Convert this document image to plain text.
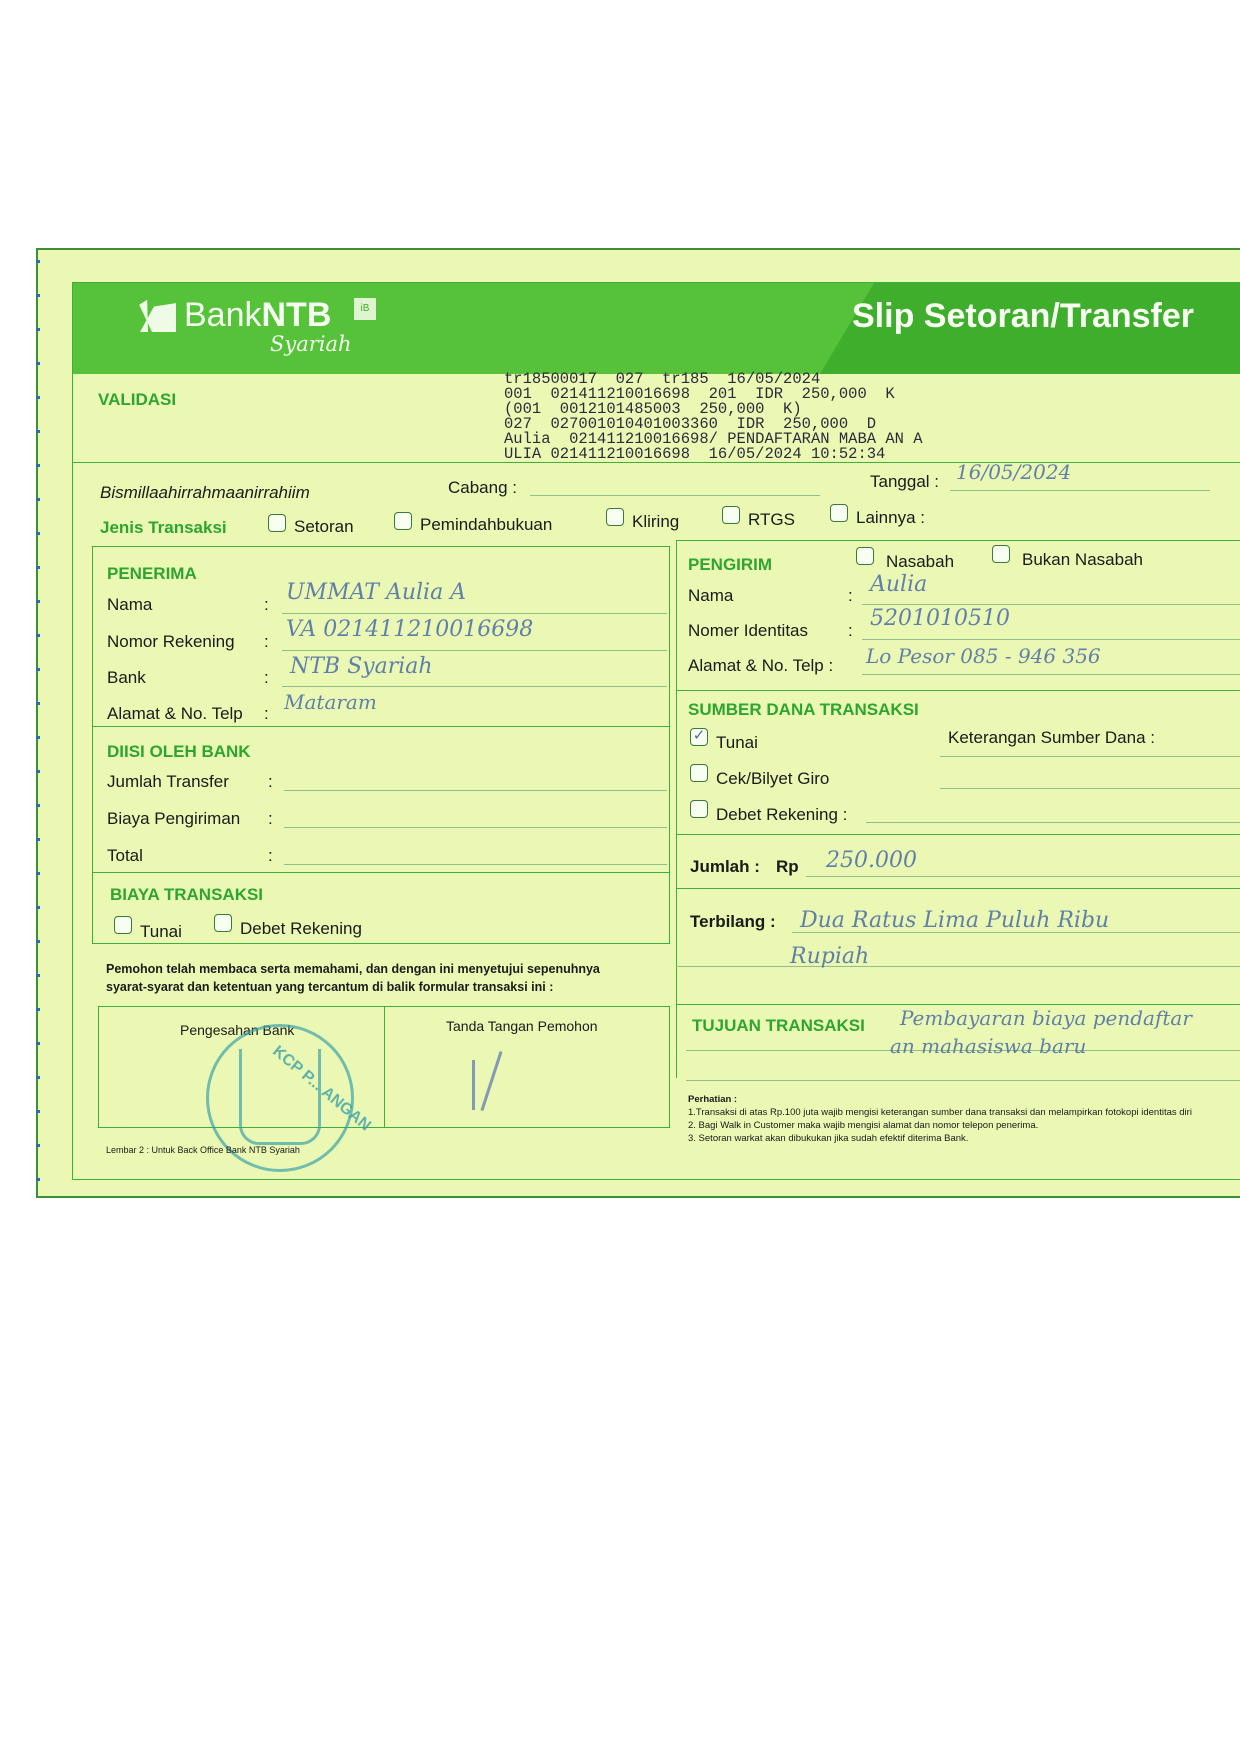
BankNTB	iB
Syariah
Slip Setoran/Transfer
VALIDASI
tr18500017  027  tr185  16/05/2024
001  021411210016698  201  IDR  250,000  K
(001  0012101485003  250,000  K)
027  027001010401003360  IDR  250,000  D
Aulia  021411210016698/ PENDAFTARAN MABA AN A
ULIA 021411210016698  16/05/2024 10:52:34
Bismillaahirrahmaanirrahiim	Cabang :	Tanggal : 16/05/2024
Jenis Transaksi	Setoran	Pemindahbukuan	Kliring	RTGS	Lainnya :
PENERIMA
Nama	: UMMAT Aulia A
Nomor Rekening : VA 021411210016698
Bank	: NTB Syariah
Alamat & No. Telp : Mataram
DIISI OLEH BANK
Jumlah Transfer :
Biaya Pengiriman :
Total	:
BIAYA TRANSAKSI
Tunai	Debet Rekening
PENGIRIM	Nasabah	Bukan Nasabah
Nama	: Aulia
Nomer Identitas : 5201010510
Alamat & No. Telp : Lo Pesor 085 - 946 356
SUMBER DANA TRANSAKSI
✓ Tunai	Keterangan Sumber Dana :
Cek/Bilyet Giro
Debet Rekening :
Jumlah : Rp 250.000
Terbilang : Dua Ratus Lima Puluh Ribu
Rupiah
Pemohon telah membaca serta memahami, dan dengan ini menyetujui sepenuhnya
syarat-syarat dan ketentuan yang tercantum di balik formular transaksi ini :
Pengesahan Bank	Tanda Tangan Pemohon
KCP P... ANGAN
TUJUAN TRANSAKSI Pembayaran biaya pendaftar
an mahasiswa baru
Perhatian :
1.Transaksi di atas Rp.100 juta wajib mengisi keterangan sumber dana transaksi dan melampirkan fotokopi identitas diri
2. Bagi Walk in Customer maka wajib mengisi alamat dan nomor telepon penerima.
3. Setoran warkat akan dibukukan jika sudah efektif diterima Bank.
Lembar 2 : Untuk Back Office Bank NTB Syariah
